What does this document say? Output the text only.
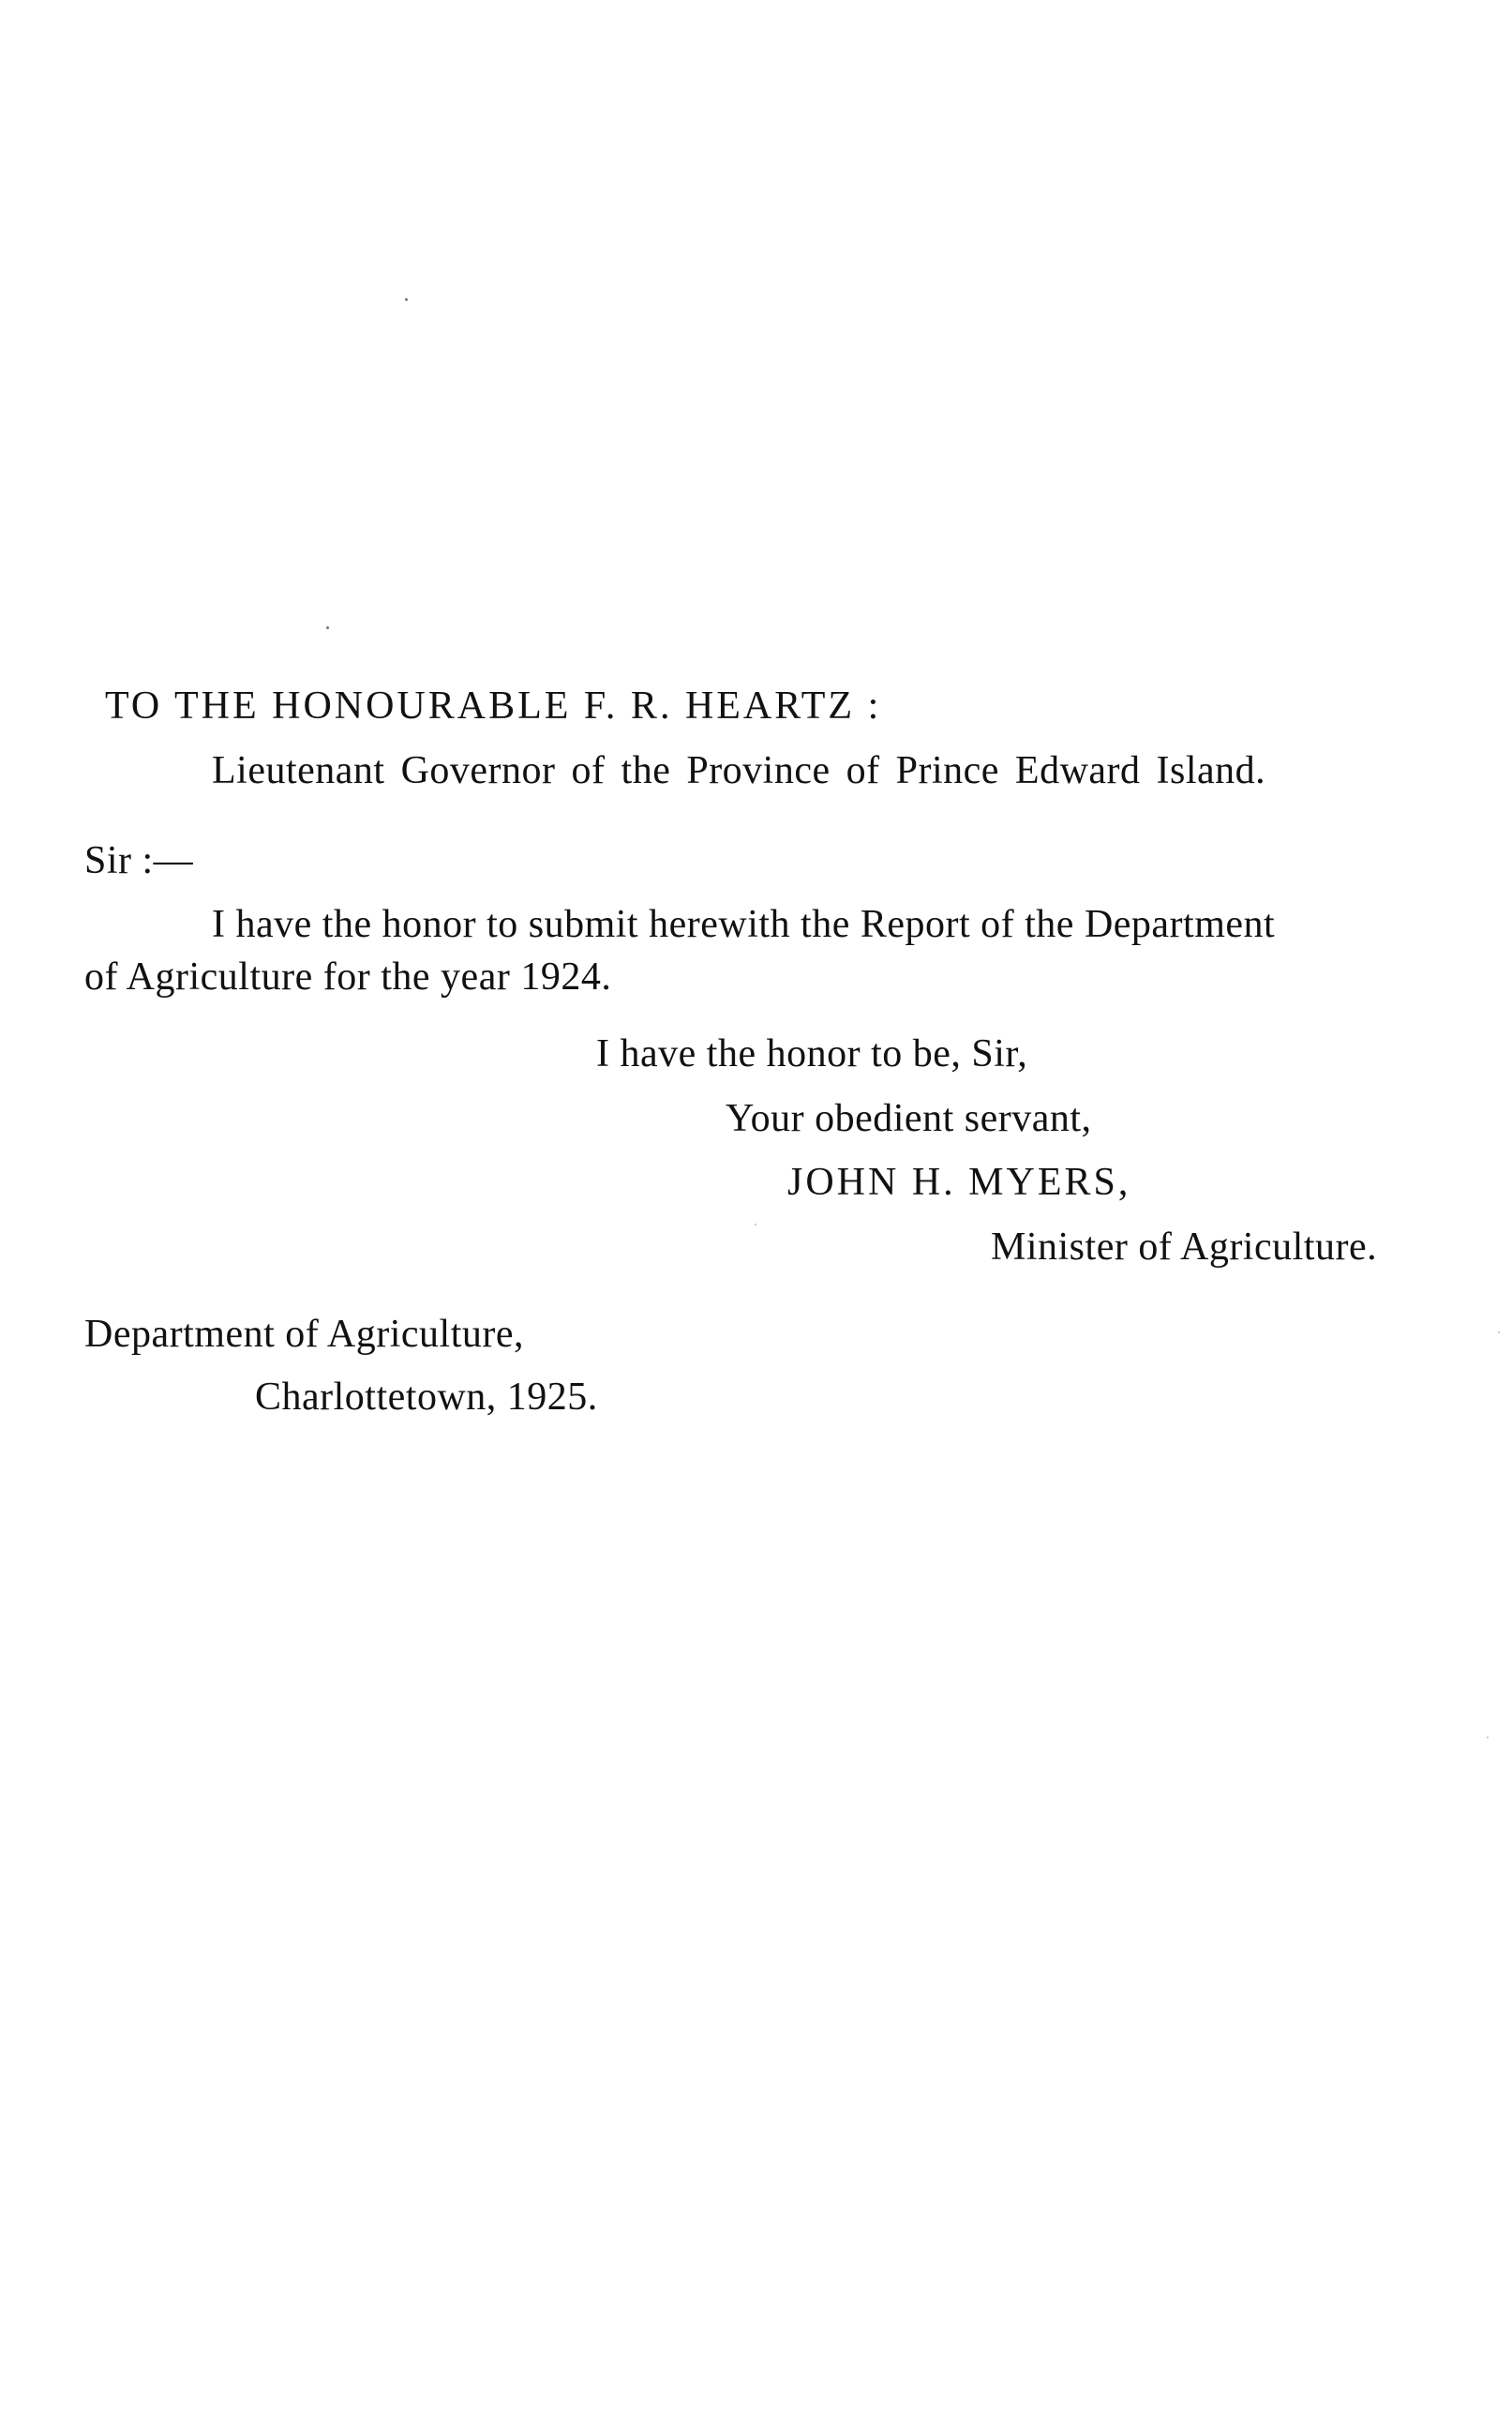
TO THE HONOURABLE F. R. HEARTZ :
Lieutenant Governor of the Province of Prince Edward Island.
Sir :—
I have the honor to submit herewith the Report of the Department
of Agriculture for the year 1924.
I have the honor to be, Sir,
Your obedient servant,
JOHN H. MYERS,
Minister of Agriculture.
Department of Agriculture,
Charlottetown, 1925.
